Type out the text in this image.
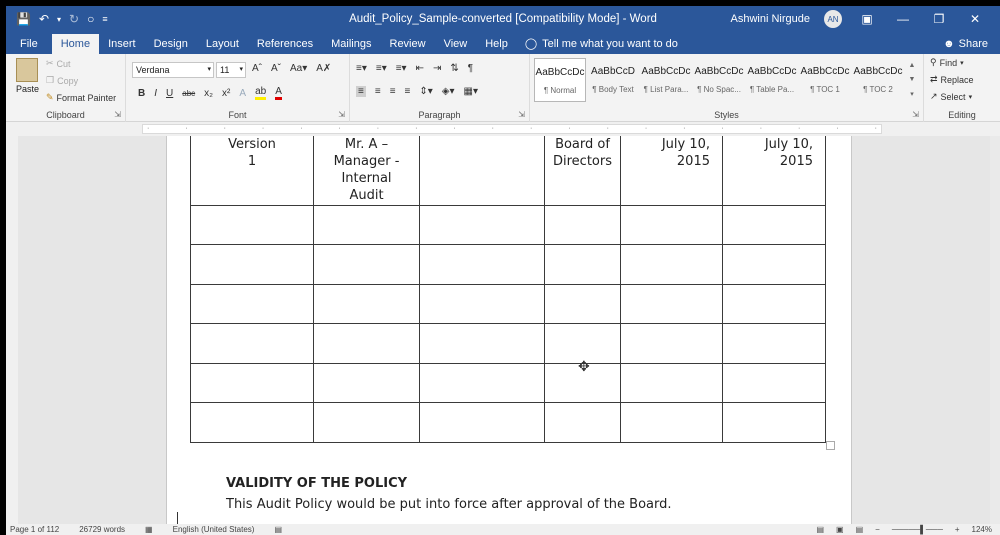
💾 ↶ ▾ ↻ ○ ≡	Audit_Policy_Sample-converted [Compatibility Mode] - Word	Ashwini Nirgude	AN	▣	—	❐	✕
File	Home	Insert	Design	Layout	References	Mailings	Review	View	Help	◯ Tell me what you want to do	☻ Share
Paste
✂ Cut
❐ Copy
✎ Format Painter
Clipboard	⇲
Verdana	▾	11 ▾ Aˆ Aˇ Aa▾ A✗
B I U abc x₂ x² A ab A
Font	⇲
≡▾ ≡▾ ≡▾ ⇤ ⇥ ⇅ ¶
≡ ≡ ≡ ≡ ⇕▾ ◈▾ ▦▾
Paragraph	⇲
AaBbCcDc
¶ Normal
AaBbCcD
¶ Body Text
AaBbCcDc
¶ List Para...
AaBbCcDc
¶ No Spac...
AaBbCcDc
¶ Table Pa...
AaBbCcDc
¶ TOC 1
AaBbCcDc
¶ TOC 2
▲
▼
▾
Styles	⇲
⚲ Find ▾
⇄ Replace
↗ Select ▾
Editing
·	·	·	·	·	·	·	·	·	·	·	·	·	·	·	·	·	·	·	·
Version
1	Mr. A –
Manager -
Internal
Audit		Board of
Directors	July 10,
2015	July 10,
2015

✥
VALIDITY OF THE POLICY
This Audit Policy would be put into force after approval of the Board.
Page 1 of 112	26729 words	▦	English (United States)	▤	▤ ▣ ▤ − ─────▌─── + 124%
